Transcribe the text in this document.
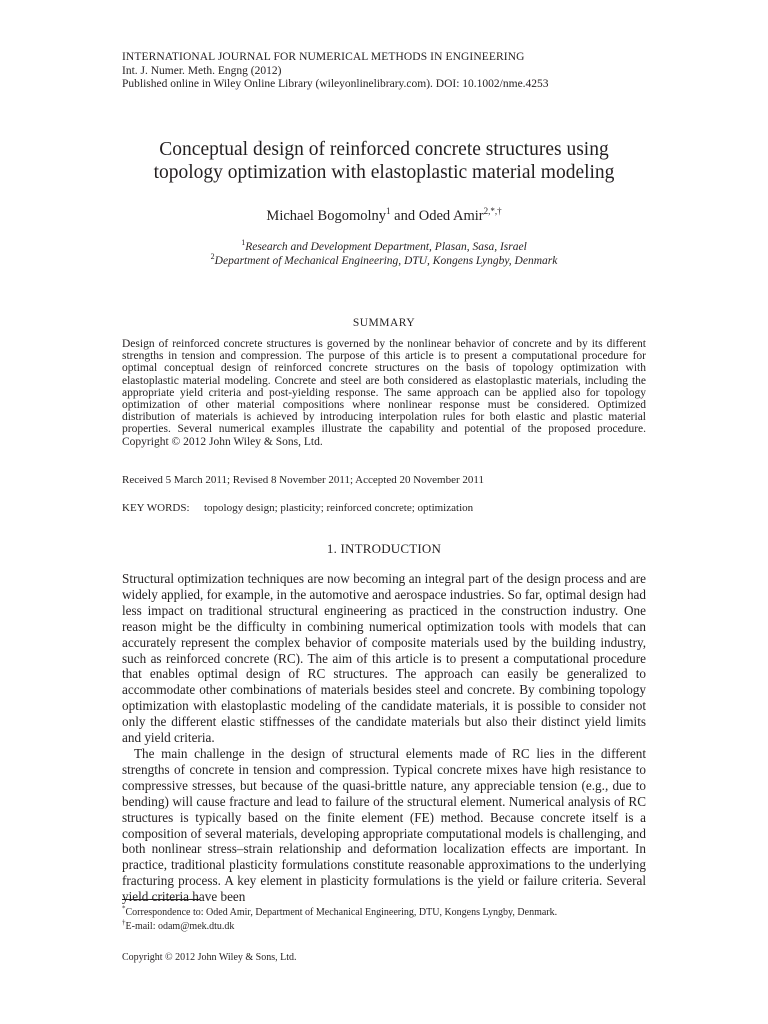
INTERNATIONAL JOURNAL FOR NUMERICAL METHODS IN ENGINEERING
Int. J. Numer. Meth. Engng (2012)
Published online in Wiley Online Library (wileyonlinelibrary.com). DOI: 10.1002/nme.4253
Conceptual design of reinforced concrete structures using
topology optimization with elastoplastic material modeling
Michael Bogomolny$^1$ and Oded Amir$^{2,*,\dagger}$
$^1$Research and Development Department, Plasan, Sasa, Israel
$^2$Department of Mechanical Engineering, DTU, Kongens Lyngby, Denmark
SUMMARY
Design of reinforced concrete structures is governed by the nonlinear behavior of concrete and by its different strengths in tension and compression. The purpose of this article is to present a computational procedure for optimal conceptual design of reinforced concrete structures on the basis of topology optimization with elastoplastic material modeling. Concrete and steel are both considered as elastoplastic materials, including the appropriate yield criteria and post-yielding response. The same approach can be applied also for topology optimization of other material compositions where nonlinear response must be considered. Optimized distribution of materials is achieved by introducing interpolation rules for both elastic and plastic material properties. Several numerical examples illustrate the capability and potential of the proposed procedure. Copyright © 2012 John Wiley & Sons, Ltd.
Received 5 March 2011; Revised 8 November 2011; Accepted 20 November 2011
KEY WORDS: topology design; plasticity; reinforced concrete; optimization
1. INTRODUCTION

Structural optimization techniques are now becoming an integral part of the design process and are widely applied, for example, in the automotive and aerospace industries. So far, optimal design had less impact on traditional structural engineering as practiced in the construction industry. One reason might be the difficulty in combining numerical optimization tools with models that can accurately represent the complex behavior of composite materials used by the building industry, such as reinforced concrete (RC). The aim of this article is to present a computational procedure that enables optimal design of RC structures. The approach can easily be generalized to accommodate other combinations of materials besides steel and concrete. By combining topology optimization with elastoplastic modeling of the candidate materials, it is possible to consider not only the different elastic stiffnesses of the candidate materials but also their distinct yield limits and yield criteria.

The main challenge in the design of structural elements made of RC lies in the different strengths of concrete in tension and compression. Typical concrete mixes have high resistance to compressive stresses, but because of the quasi-brittle nature, any appreciable tension (e.g., due to bending) will cause fracture and lead to failure of the structural element. Numerical analysis of RC structures is typically based on the finite element (FE) method. Because concrete itself is a composition of several materials, developing appropriate computational models is challenging, and both nonlinear stress–strain relationship and deformation localization effects are important. In practice, traditional plasticity formulations constitute reasonable approximations to the underlying fracturing process. A key element in plasticity formulations is the yield or failure criteria. Several yield criteria have been

*Correspondence to: Oded Amir, Department of Mechanical Engineering, DTU, Kongens Lyngby, Denmark.
†E-mail: odam@mek.dtu.dk
Copyright © 2012 John Wiley & Sons, Ltd.
